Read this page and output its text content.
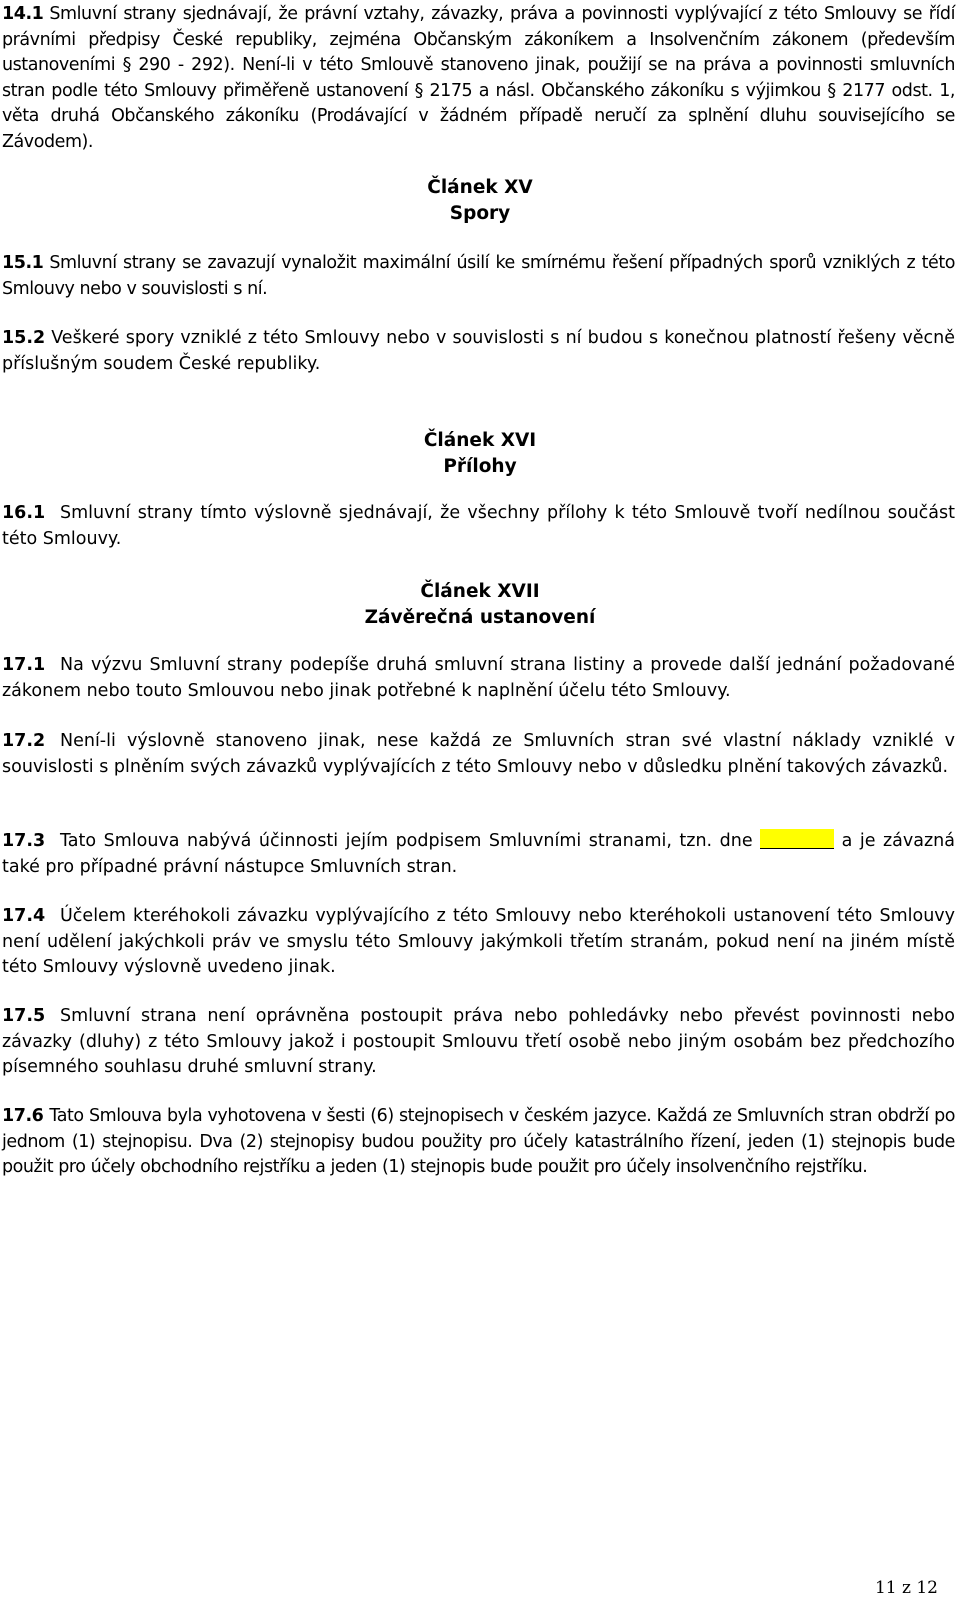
14.1 Smluvní strany sjednávají, že právní vztahy, závazky, práva a povinnosti vyplývající z této Smlouvy se řídí právními předpisy České republiky, zejména Občanským zákoníkem a Insolvenčním zákonem (především ustanoveními § 290 - 292). Není-li v této Smlouvě stanoveno jinak, použijí se na práva a povinnosti smluvních stran podle této Smlouvy přiměřeně ustanovení § 2175 a násl. Občanského zákoníku s výjimkou § 2177 odst. 1, věta druhá Občanského zákoníku (Prodávající v žádném případě neručí za splnění dluhu souvisejícího se Závodem).

Článek XV
Spory

15.1 Smluvní strany se zavazují vynaložit maximální úsilí ke smírnému řešení případných sporů vzniklých z této Smlouvy nebo v souvislosti s ní.

15.2 Veškeré spory vzniklé z této Smlouvy nebo v souvislosti s ní budou s konečnou platností řešeny věcně příslušným soudem České republiky.

Článek XVI
Přílohy

16.1 Smluvní strany tímto výslovně sjednávají, že všechny přílohy k této Smlouvě tvoří nedílnou součást této Smlouvy.

Článek XVII
Závěrečná ustanovení

17.1 Na výzvu Smluvní strany podepíše druhá smluvní strana listiny a provede další jednání požadované zákonem nebo touto Smlouvou nebo jinak potřebné k naplnění účelu této Smlouvy.

17.2 Není-li výslovně stanoveno jinak, nese každá ze Smluvních stran své vlastní náklady vzniklé v souvislosti s plněním svých závazků vyplývajících z této Smlouvy nebo v důsledku plnění takových závazků.

17.3 Tato Smlouva nabývá účinnosti jejím podpisem Smluvními stranami, tzn. dne	a je závazná také pro případné právní nástupce Smluvních stran.

17.4 Účelem kteréhokoli závazku vyplývajícího z této Smlouvy nebo kteréhokoli ustanovení této Smlouvy není udělení jakýchkoli práv ve smyslu této Smlouvy jakýmkoli třetím stranám, pokud není na jiném místě této Smlouvy výslovně uvedeno jinak.

17.5 Smluvní strana není oprávněna postoupit práva nebo pohledávky nebo převést povinnosti nebo závazky (dluhy) z této Smlouvy jakož i postoupit Smlouvu třetí osobě nebo jiným osobám bez předchozího písemného souhlasu druhé smluvní strany.

17.6 Tato Smlouva byla vyhotovena v šesti (6) stejnopisech v českém jazyce. Každá ze Smluvních stran obdrží po jednom (1) stejnopisu. Dva (2) stejnopisy budou použity pro účely katastrálního řízení, jeden (1) stejnopis bude použit pro účely obchodního rejstříku a jeden (1) stejnopis bude použit pro účely insolvenčního rejstříku.

11 z 12
